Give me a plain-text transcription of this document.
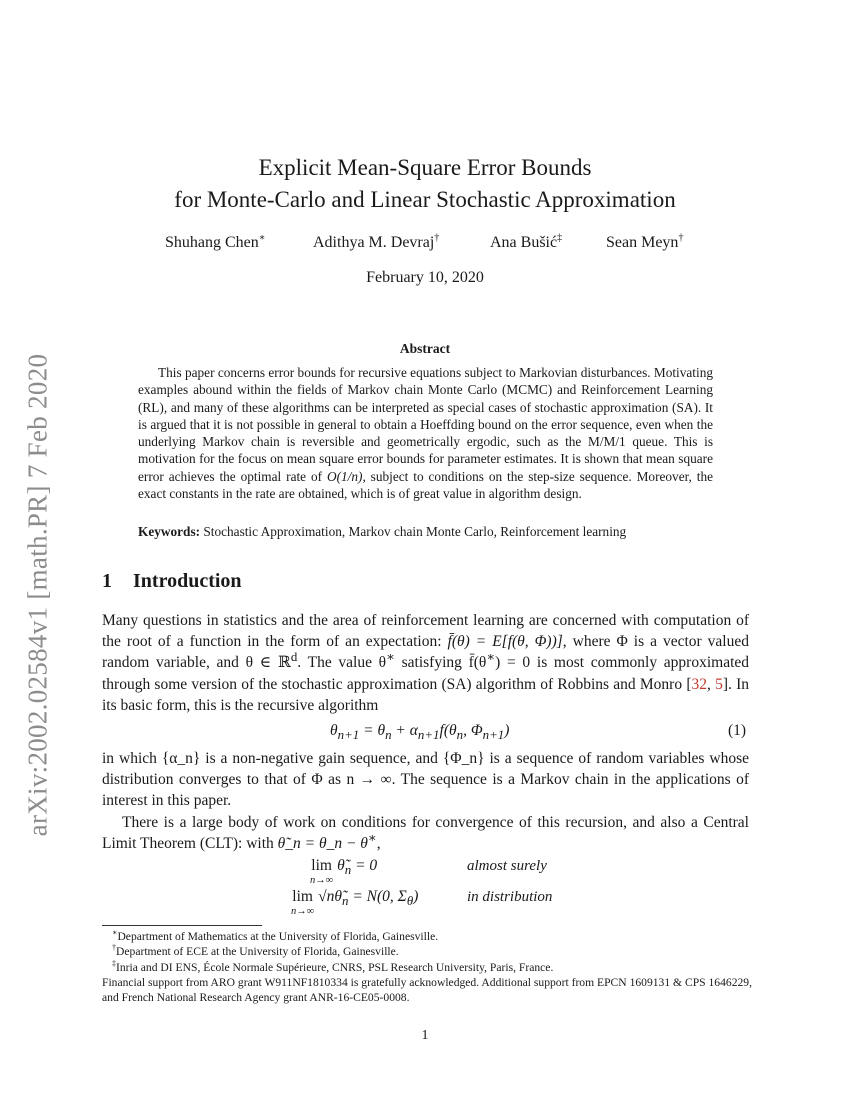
arXiv:2002.02584v1 [math.PR] 7 Feb 2020
Explicit Mean-Square Error Bounds
for Monte-Carlo and Linear Stochastic Approximation
Shuhang Chen∗	Adithya M. Devraj†	Ana Bušić‡	Sean Meyn†
February 10, 2020
Abstract

This paper concerns error bounds for recursive equations subject to Markovian disturbances. Motivating examples abound within the fields of Markov chain Monte Carlo (MCMC) and Reinforcement Learning (RL), and many of these algorithms can be interpreted as special cases of stochastic approximation (SA). It is argued that it is not possible in general to obtain a Hoeffding bound on the error sequence, even when the underlying Markov chain is reversible and geometrically ergodic, such as the M/M/1 queue. This is motivation for the focus on mean square error bounds for parameter estimates. It is shown that mean square error achieves the optimal rate of O(1/n), subject to conditions on the step-size sequence. Moreover, the exact constants in the rate are obtained, which is of great value in algorithm design.

Keywords: Stochastic Approximation, Markov chain Monte Carlo, Reinforcement learning
1 Introduction

Many questions in statistics and the area of reinforcement learning are concerned with computation of the root of a function in the form of an expectation: f̄(θ) = E[f(θ, Φ))], where Φ is a vector valued random variable, and θ ∈ ℝ$^d$. The value θ∗ satisfying f̄(θ∗) = 0 is most commonly approximated through some version of the stochastic approximation (SA) algorithm of Robbins and Monro [32, 5]. In its basic form, this is the recursive algorithm

$\theta_{n+1} = \theta_n + \alpha_{n+1}f(\theta_n$, $\Phi_{n+1}$)	(1)

in which {α_n} is a non-negative gain sequence, and {Φ_n} is a sequence of random variables whose distribution converges to that of Φ as n → ∞. The sequence is a Markov chain in the applications of interest in this paper.

There is a large body of work on conditions for convergence of this recursion, and also a Central Limit Theorem (CLT): with θ̃_n = θ_n − θ∗,

lim
n→∞
$\thetã_n = 0$	almost surely
lim
n→∞
$√n\thetã_n = N(0$, $\Sigma_\theta$)	in distribution

∗Department of Mathematics at the University of Florida, Gainesville.

†Department of ECE at the University of Florida, Gainesville.

‡Inria and DI ENS, École Normale Supérieure, CNRS, PSL Research University, Paris, France.

Financial support from ARO grant W911NF1810334 is gratefully acknowledged. Additional support from EPCN 1609131 & CPS 1646229, and French National Research Agency grant ANR-16-CE05-0008.

1
